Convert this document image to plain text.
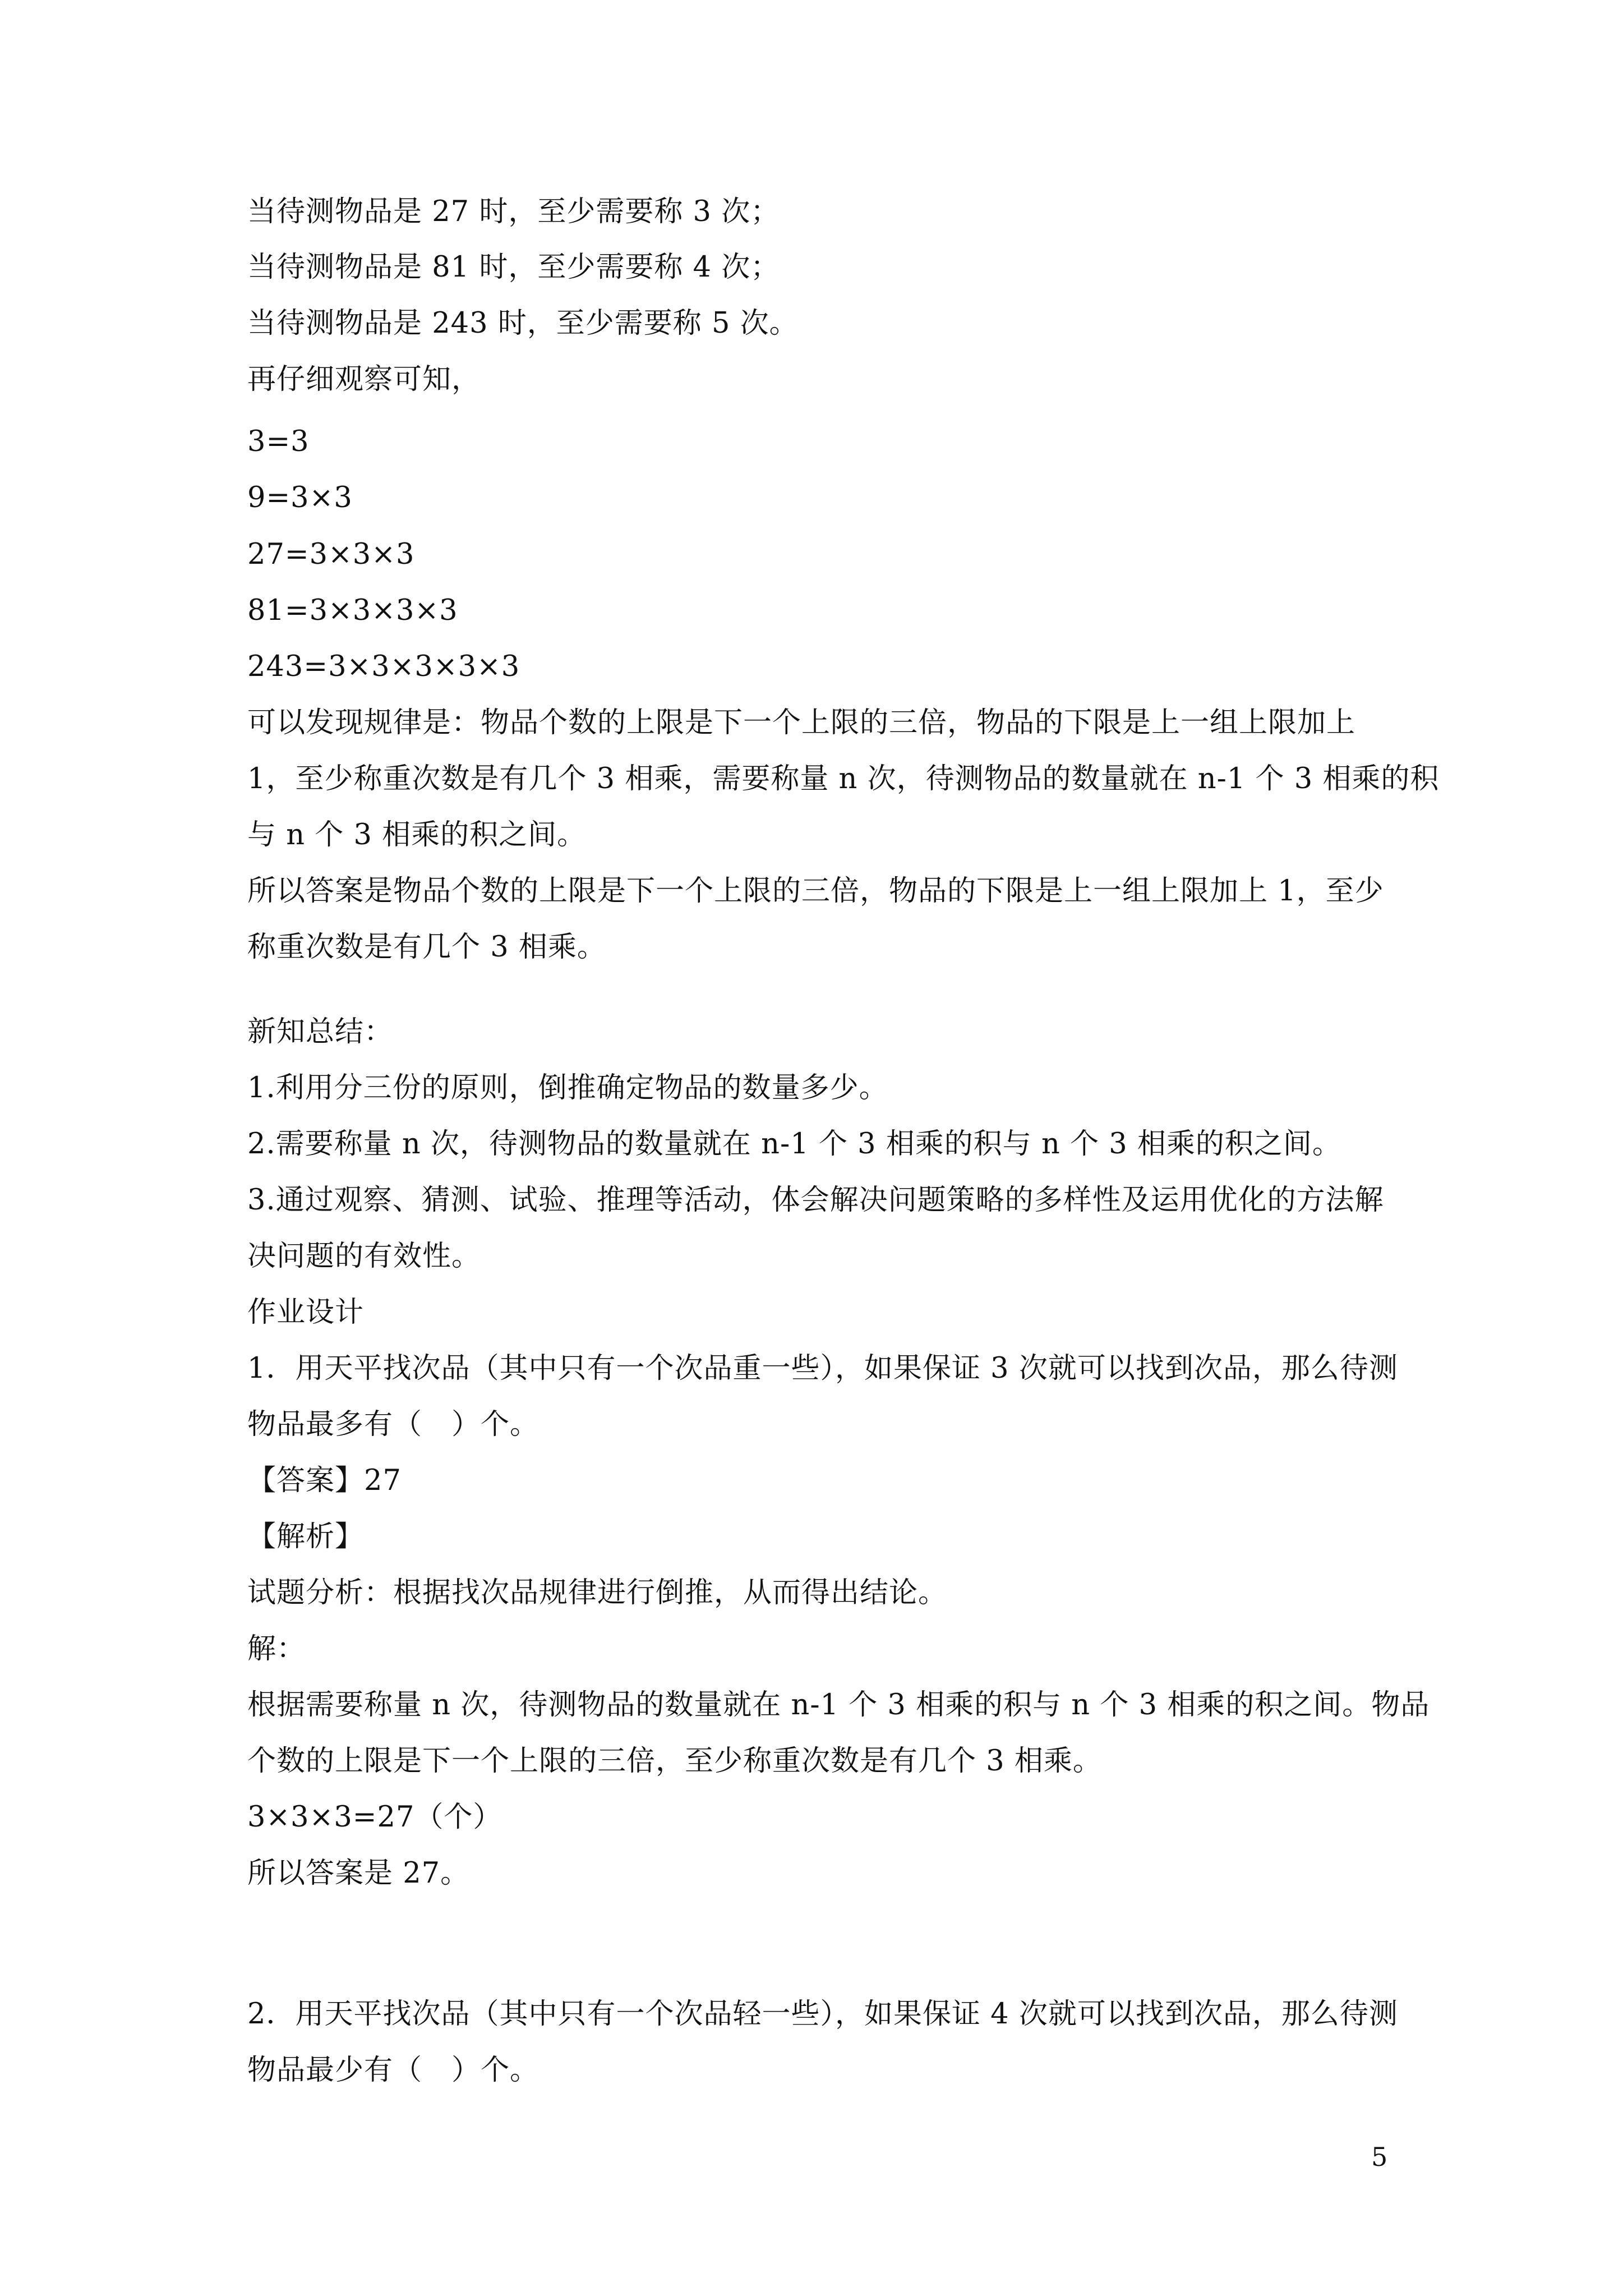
当待测物品是 27 时，至少需要称 3 次；
当待测物品是 81 时，至少需要称 4 次；
当待测物品是 243 时，至少需要称 5 次。
再仔细观察可知，
3=3
9=3×3
27=3×3×3
81=3×3×3×3
243=3×3×3×3×3
可以发现规律是：物品个数的上限是下一个上限的三倍，物品的下限是上一组上限加上
1，至少称重次数是有几个 3 相乘，需要称量 n 次，待测物品的数量就在 n-1 个 3 相乘的积
与 n 个 3 相乘的积之间。
所以答案是物品个数的上限是下一个上限的三倍，物品的下限是上一组上限加上 1，至少
称重次数是有几个 3 相乘。
新知总结：
1.利用分三份的原则，倒推确定物品的数量多少。
2.需要称量 n 次，待测物品的数量就在 n-1 个 3 相乘的积与 n 个 3 相乘的积之间。
3.通过观察、猜测、试验、推理等活动，体会解决问题策略的多样性及运用优化的方法解
决问题的有效性。
作业设计
1．用天平找次品（其中只有一个次品重一些），如果保证 3 次就可以找到次品，那么待测
物品最多有（　）个。
【答案】27
【解析】
试题分析：根据找次品规律进行倒推，从而得出结论。
解：
根据需要称量 n 次，待测物品的数量就在 n-1 个 3 相乘的积与 n 个 3 相乘的积之间。物品
个数的上限是下一个上限的三倍，至少称重次数是有几个 3 相乘。
3×3×3=27（个）
所以答案是 27。
2．用天平找次品（其中只有一个次品轻一些），如果保证 4 次就可以找到次品，那么待测
物品最少有（　）个。
5
